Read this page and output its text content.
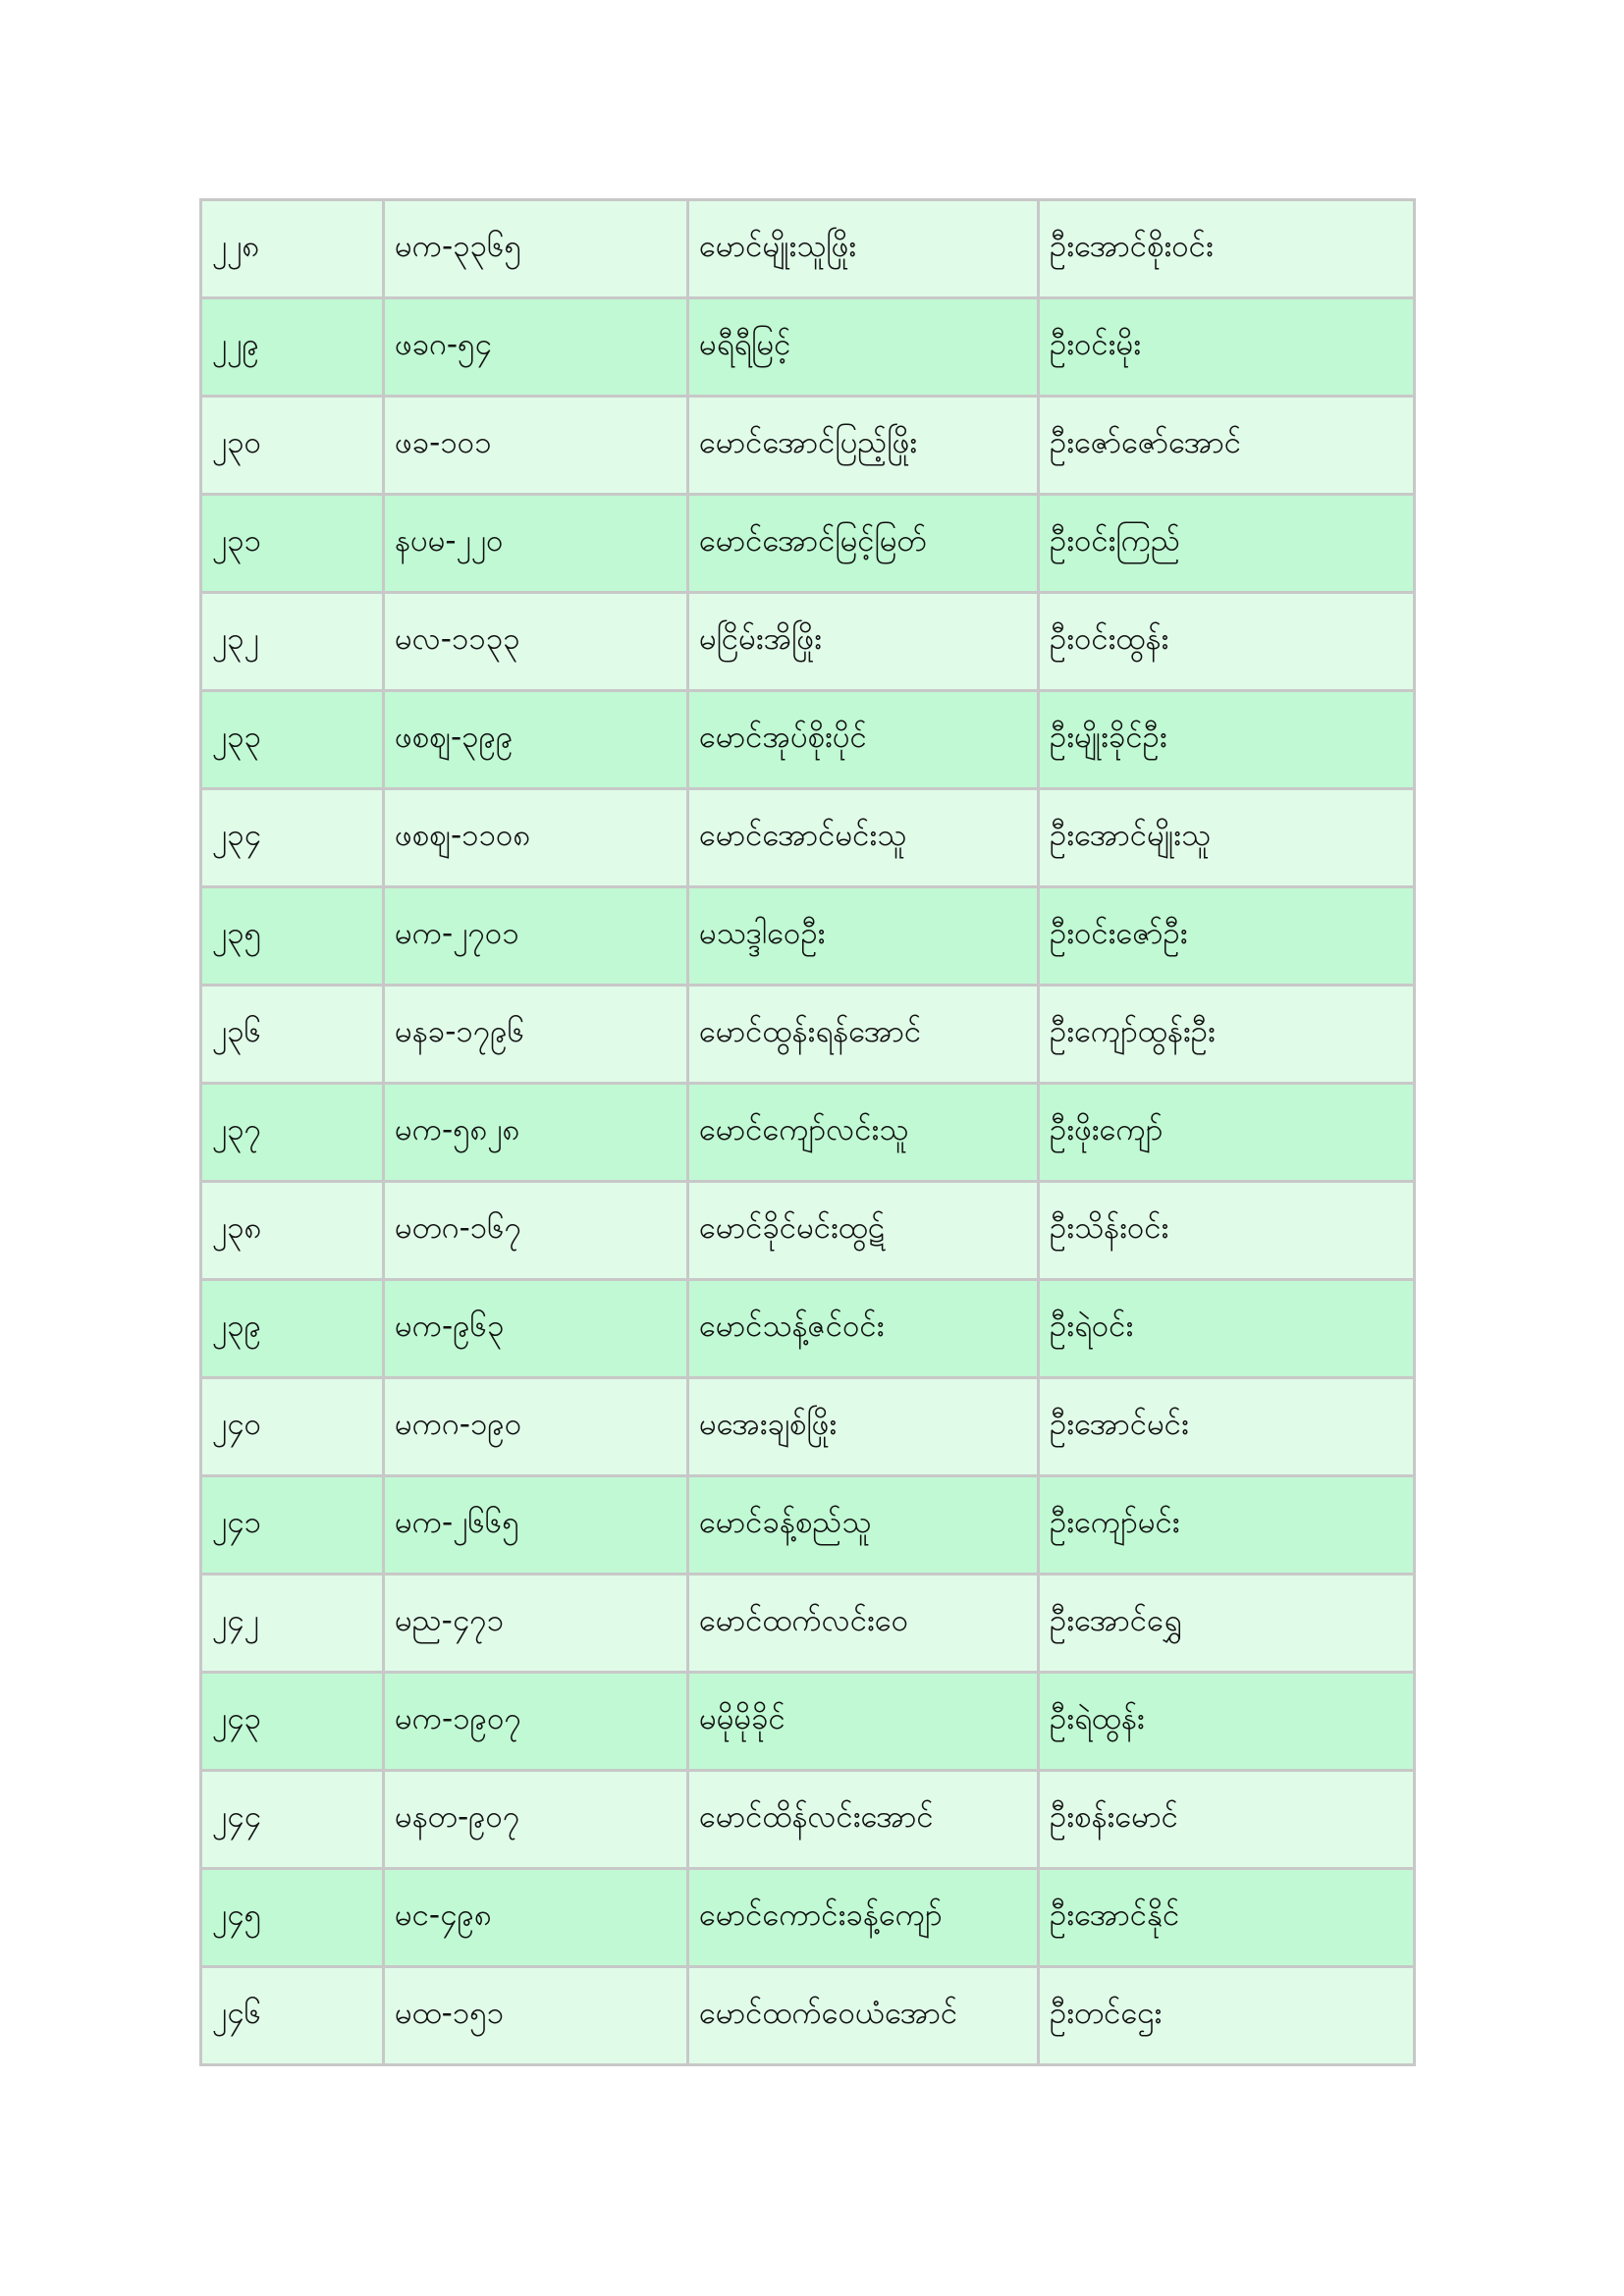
၂၂၈	မက-၃၃၆၅	မောင်မျိုးသူဖြိုး	ဦးအောင်စိုးဝင်း
၂၂၉	ဖခဂ-၅၄	မရီရီမြင့်	ဦးဝင်းမိုး
၂၃၀	ဖခ-၁၀၁	မောင်အောင်ပြည့်ဖြိုး	ဦးဇော်ဇော်အောင်
၂၃၁	နပမ-၂၂၀	မောင်အောင်မြင့်မြတ်	ဦးဝင်းကြည်
၂၃၂	မလ-၁၁၃၃	မငြိမ်းအိဖြိုး	ဦးဝင်းထွန်း
၂၃၃	ဖစဈ-၃၉၉	မောင်အုပ်စိုးပိုင်	ဦးမျိုးခိုင်ဦး
၂၃၄	ဖစဈ-၁၁၀၈	မောင်အောင်မင်းသူ	ဦးအောင်မျိုးသူ
၂၃၅	မက-၂၇၀၁	မသဒ္ဒါဝေဦး	ဦးဝင်းဇော်ဦး
၂၃၆	မနခ-၁၇၉၆	မောင်ထွန်းရန်အောင်	ဦးကျော်ထွန်းဦး
၂၃၇	မက-၅၈၂၈	မောင်ကျော်လင်းသူ	ဦးဖိုးကျော်
၂၃၈	မတဂ-၁၆၇	မောင်ခိုင်မင်းထွဋ်	ဦးသိန်းဝင်း
၂၃၉	မက-၉၆၃	မောင်သန့်ဇင်ဝင်း	ဦးရဲဝင်း
၂၄၀	မကဂ-၁၉၀	မအေးချစ်ဖြိုး	ဦးအောင်မင်း
၂၄၁	မက-၂၆၆၅	မောင်ခန့်စည်သူ	ဦးကျော်မင်း
၂၄၂	မည-၄၇၁	မောင်ထက်လင်းဝေ	ဦးအောင်ရွှေ
၂၄၃	မက-၁၉၀၇	မမိုမိုခိုင်	ဦးရဲထွန်း
၂၄၄	မနတ-၉၀၇	မောင်ထိန်လင်းအောင်	ဦးစန်းမောင်
၂၄၅	မင-၄၉၈	မောင်ကောင်းခန့်ကျော်	ဦးအောင်နိုင်
၂၄၆	မထ-၁၅၁	မောင်ထက်ဝေယံအောင်	ဦးတင်ဌေး
